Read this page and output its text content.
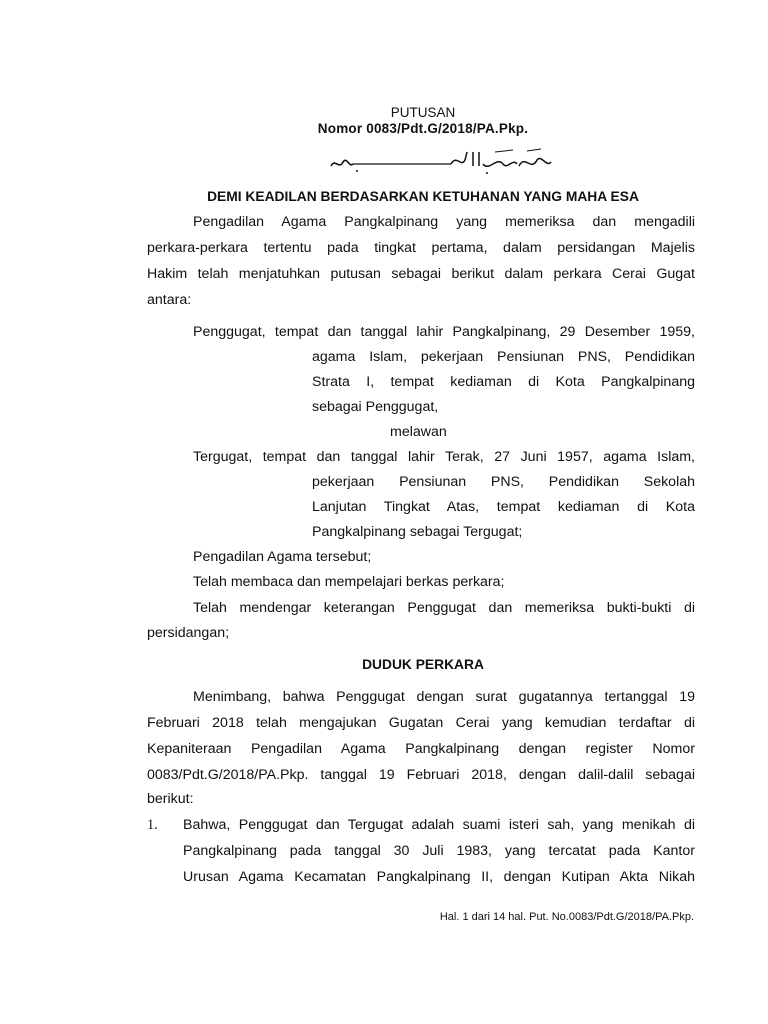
PUTUSAN
Nomor 0083/Pdt.G/2018/PA.Pkp.
DEMI KEADILAN BERDASARKAN KETUHANAN YANG MAHA ESA
Pengadilan Agama Pangkalpinang yang memeriksa dan mengadili
perkara-perkara tertentu pada tingkat pertama, dalam persidangan Majelis
Hakim telah menjatuhkan putusan sebagai berikut dalam perkara Cerai Gugat
antara:
Penggugat, tempat dan tanggal lahir Pangkalpinang, 29 Desember 1959,
agama Islam, pekerjaan Pensiunan PNS, Pendidikan
Strata I, tempat kediaman di Kota Pangkalpinang
sebagai Penggugat,
melawan
Tergugat, tempat dan tanggal lahir Terak, 27 Juni 1957, agama Islam,
pekerjaan Pensiunan PNS, Pendidikan Sekolah
Lanjutan Tingkat Atas, tempat kediaman di Kota
Pangkalpinang sebagai Tergugat;
Pengadilan Agama tersebut;
Telah membaca dan mempelajari berkas perkara;
Telah mendengar keterangan Penggugat dan memeriksa bukti-bukti di
persidangan;
DUDUK PERKARA
Menimbang, bahwa Penggugat dengan surat gugatannya tertanggal 19
Februari 2018 telah mengajukan Gugatan Cerai yang kemudian terdaftar di
Kepaniteraan Pengadilan Agama Pangkalpinang dengan register Nomor
0083/Pdt.G/2018/PA.Pkp. tanggal 19 Februari 2018, dengan dalil-dalil sebagai
berikut:
1. Bahwa, Penggugat dan Tergugat adalah suami isteri sah, yang menikah di
Pangkalpinang pada tanggal 30 Juli 1983, yang tercatat pada Kantor
Urusan Agama Kecamatan Pangkalpinang II, dengan Kutipan Akta Nikah
Hal. 1 dari 14 hal. Put. No.0083/Pdt.G/2018/PA.Pkp.
